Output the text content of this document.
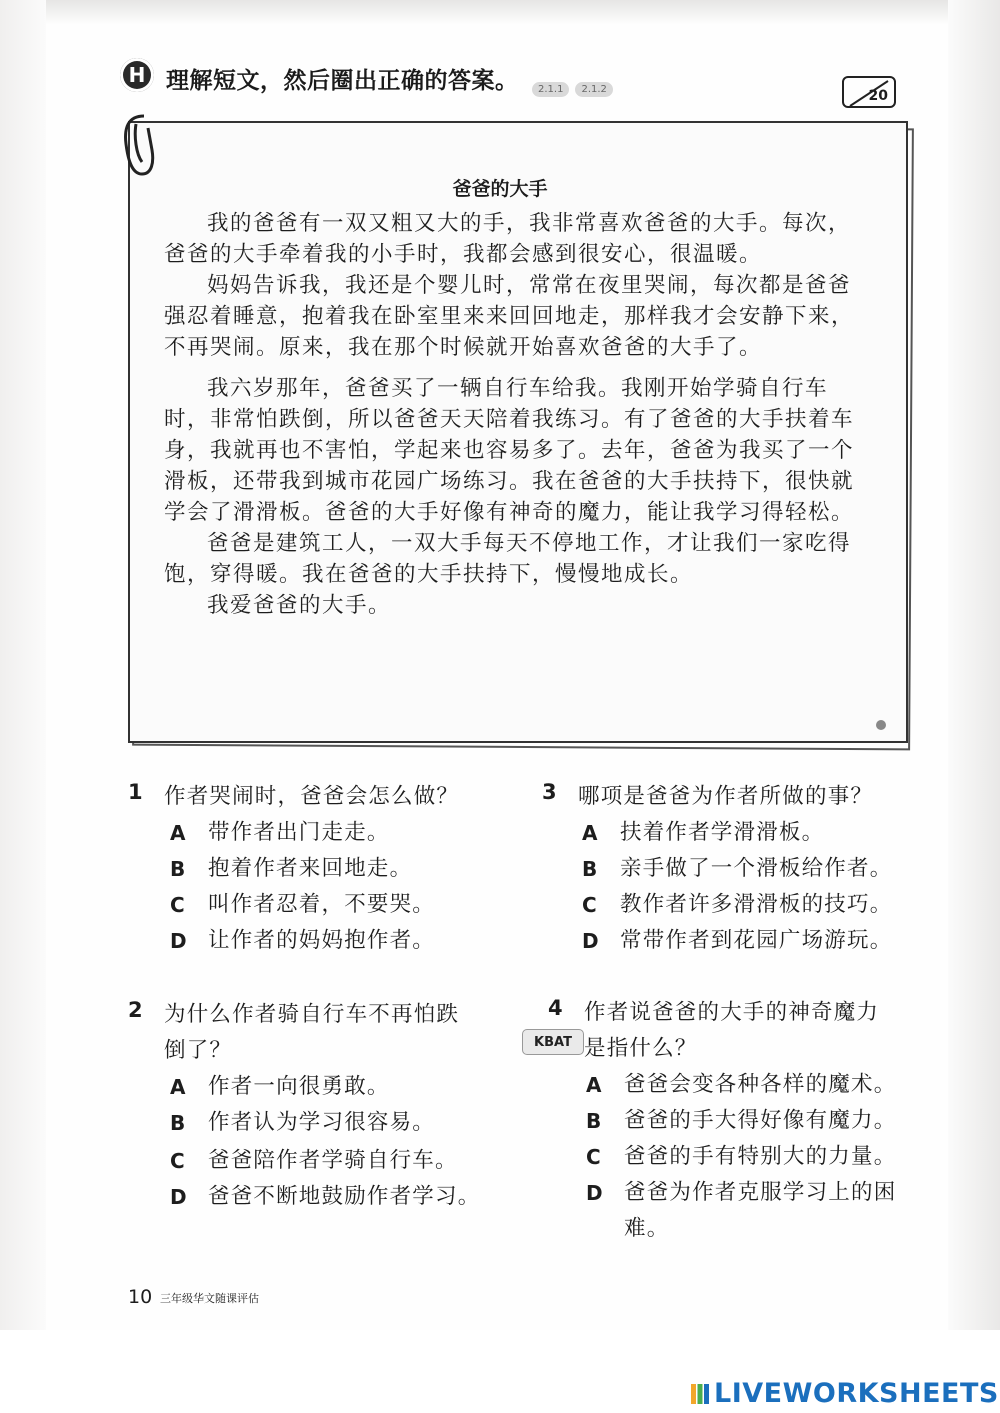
H 理解短文，然后圈出正确的答案。	2.1.1	2.1.2	20
爸爸的大手

我的爸爸有一双又粗又大的手，我非常喜欢爸爸的大手。每次，爸爸的大手牵着我的小手时，我都会感到很安心，很温暖。

妈妈告诉我，我还是个婴儿时，常常在夜里哭闹，每次都是爸爸强忍着睡意，抱着我在卧室里来来回回地走，那样我才会安静下来，不再哭闹。原来，我在那个时候就开始喜欢爸爸的大手了。

我六岁那年，爸爸买了一辆自行车给我。我刚开始学骑自行车时，非常怕跌倒，所以爸爸天天陪着我练习。有了爸爸的大手扶着车身，我就再也不害怕，学起来也容易多了。去年，爸爸为我买了一个滑板，还带我到城市花园广场练习。我在爸爸的大手扶持下，很快就学会了滑滑板。爸爸的大手好像有神奇的魔力，能让我学习得轻松。

爸爸是建筑工人，一双大手每天不停地工作，才让我们一家吃得饱，穿得暖。我在爸爸的大手扶持下，慢慢地成长。

我爱爸爸的大手。

1 作者哭闹时，爸爸会怎么做？
A 带作者出门走走。
B 抱着作者来回地走。
C 叫作者忍着，不要哭。
D 让作者的妈妈抱作者。
2 为什么作者骑自行车不再怕跌
倒了？
A 作者一向很勇敢。
B 作者认为学习很容易。
C 爸爸陪作者学骑自行车。
D 爸爸不断地鼓励作者学习。
3 哪项是爸爸为作者所做的事？
A 扶着作者学滑滑板。
B 亲手做了一个滑板给作者。
C 教作者许多滑滑板的技巧。
D 常带作者到花园广场游玩。
4 作者说爸爸的大手的神奇魔力
是指什么？
A 爸爸会变各种各样的魔术。
B 爸爸的手大得好像有魔力。
C 爸爸的手有特别大的力量。
D 爸爸为作者克服学习上的困
难。
KBAT
10 三年级华文随课评估
LIVEWORKSHEETS
